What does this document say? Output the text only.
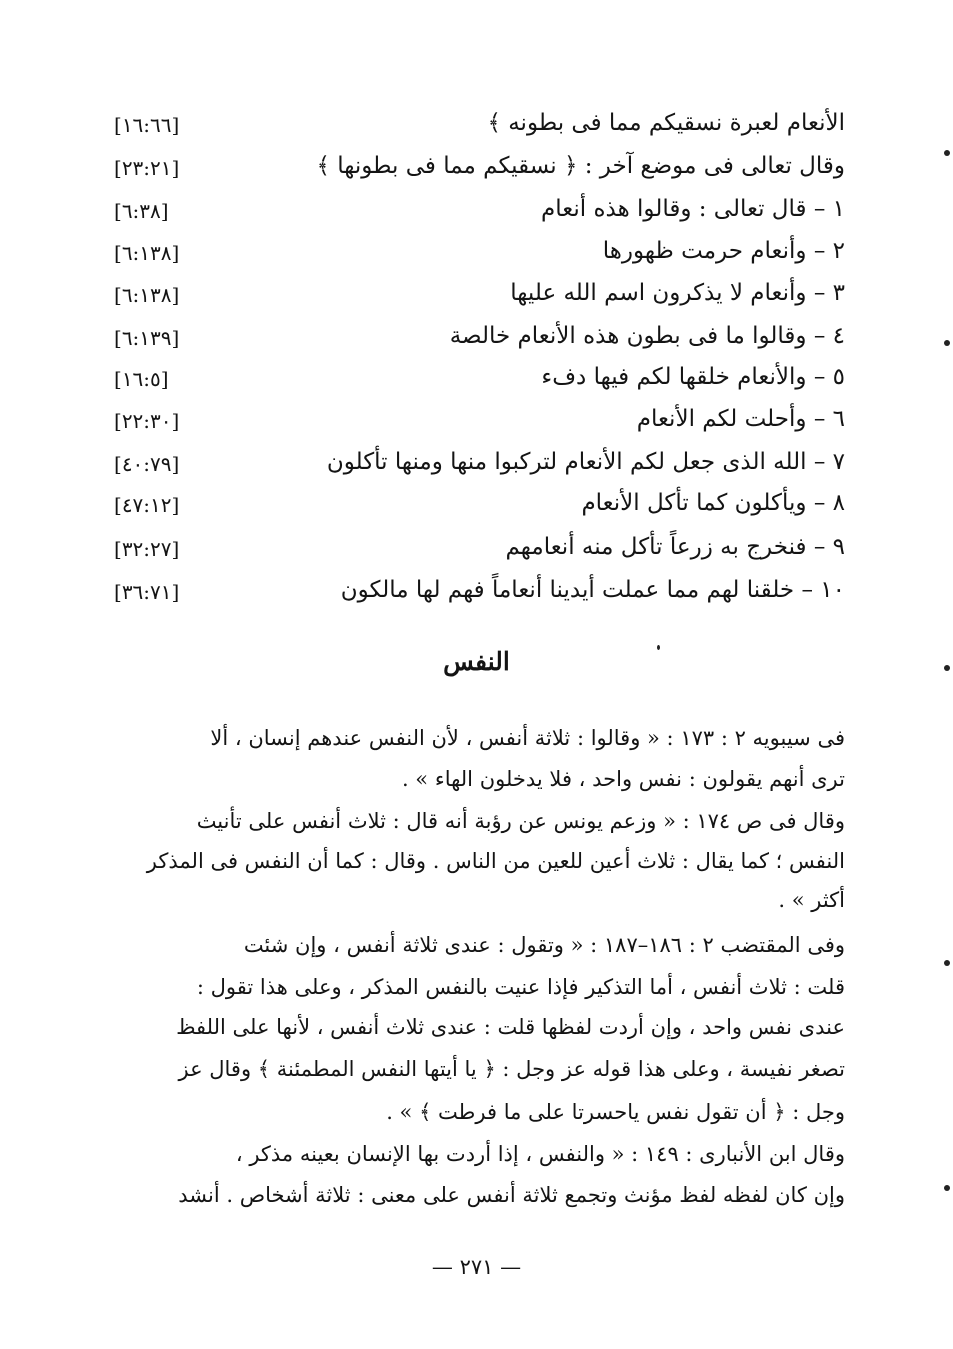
الأنعام لعبرة نسقيكم مما فى بطونه ﴾
[١٦:٦٦]
وقال تعالى فى موضع آخر : ﴿ نسقيكم مما فى بطونها ﴾
[٢٣:٢١]
١ – قال تعالى : وقالوا هذه أنعام
[٦:٣٨]
٢ – وأنعام حرمت ظهورها
[٦:١٣٨]
٣ – وأنعام لا يذكرون اسم الله عليها
[٦:١٣٨]
٤ – وقالوا ما فى بطون هذه الأنعام خالصة
[٦:١٣٩]
٥ – والأنعام خلقها لكم فيها دفء
[١٦:٥]
٦ – وأحلت لكم الأنعام
[٢٢:٣٠]
٧ – الله الذى جعل لكم الأنعام لتركبوا منها ومنها تأكلون
[٤٠:٧٩]
٨ – ويأكلون كما تأكل الأنعام
[٤٧:١٢]
٩ – فنخرج به زرعاً تأكل منه أنعامهم
[٣٢:٢٧]
١٠ – خلقنا لهم مما عملت أيدينا أنعاماً فهم لها مالكون
[٣٦:٧١]
النفس
فى سيبويه ٢ : ١٧٣ : « وقالوا : ثلاثة أنفس ، لأن النفس عندهم إنسان ، ألا
ترى أنهم يقولون : نفس واحد ، فلا يدخلون الهاء » .
وقال فى ص ١٧٤ : « وزعم يونس عن رؤبة أنه قال : ثلاث أنفس على تأنيث
النفس ؛ كما يقال : ثلاث أعين للعين من الناس . وقال : كما أن النفس فى المذكر
أكثر » .
وفى المقتضب ٢ : ١٨٦–١٨٧ : « وتقول : عندى ثلاثة أنفس ، وإن شئت
قلت : ثلاث أنفس ، أما التذكير فإذا عنيت بالنفس المذكر ، وعلى هذا تقول :
عندى نفس واحد ، وإن أردت لفظها قلت : عندى ثلاث أنفس ، لأنها على اللفظ
تصغر نفيسة ، وعلى هذا قوله عز وجل : ﴿ يا أيتها النفس المطمئنة ﴾ وقال عز
وجل : ﴿ أن تقول نفس ياحسرتا على ما فرطت ﴾ » .
وقال ابن الأنبارى : ١٤٩ : « والنفس ، إذا أردت بها الإنسان بعينه مذكر ،
وإن كان لفظه لفظ مؤنث وتجمع ثلاثة أنفس على معنى : ثلاثة أشخاص . أنشد
— ٢٧١ —
